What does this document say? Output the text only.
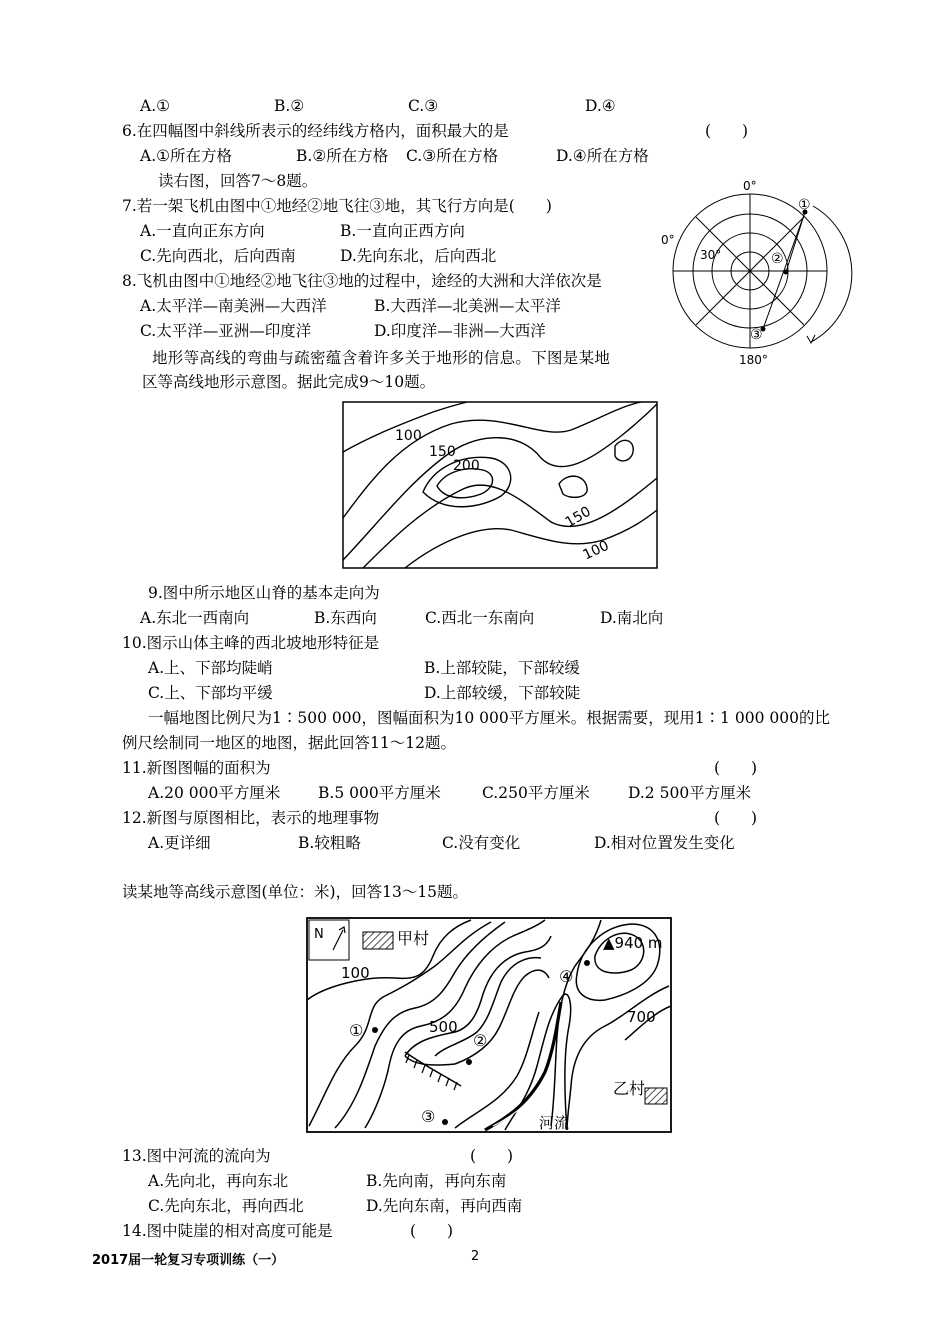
A.①	B.②	C.③	D.④
6.在四幅图中斜线所表示的经纬线方格内，面积最大的是	(　　)
A.①所在方格	B.②所在方格 C.③所在方格	D.④所在方格
读右图，回答7～8题。
7.若一架飞机由图中①地经②地飞往③地，其飞行方向是(　　)
A.一直向正东方向	B.一直向正西方向
C.先向西北，后向西南	D.先向东北，后向西北
8.飞机由图中①地经②地飞往③地的过程中，途经的大洲和大洋依次是
A.太平洋—南美洲—大西洋	B.大西洋—北美洲—太平洋
C.太平洋—亚洲—印度洋	D.印度洋—非洲—大西洋
0°
0°
30°
180°
①
②
③
地形等高线的弯曲与疏密蕴含着许多关于地形的信息。下图是某地
区等高线地形示意图。据此完成9～10题。
100
150
200
150
100
9.图中所示地区山脊的基本走向为
A.东北一西南向	B.东西向	C.西北一东南向	D.南北向
10.图示山体主峰的西北坡地形特征是
A.上、下部均陡峭	B.上部较陡，下部较缓
C.上、下部均平缓	D.上部较缓，下部较陡
一幅地图比例尺为1∶500 000，图幅面积为10 000平方厘米。根据需要，现用1∶1 000 000的比
例尺绘制同一地区的地图，据此回答11～12题。
11.新图图幅的面积为	(　　)
A.20 000平方厘米 B.5 000平方厘米	C.250平方厘米 D.2 500平方厘米
12.新图与原图相比，表示的地理事物	(　　)
A.更详细	B.较粗略	C.没有变化	D.相对位置发生变化
读某地等高线示意图(单位：米)，回答13～15题。
N	甲村
乙村
▲940 m
100
500
700
①
②
③
④
河流
13.图中河流的流向为	(　　)
A.先向北，再向东北	B.先向南，再向东南
C.先向东北，再向西北	D.先向东南，再向西南
14.图中陡崖的相对高度可能是	(　　)
2017届一轮复习专项训练（一）	2
